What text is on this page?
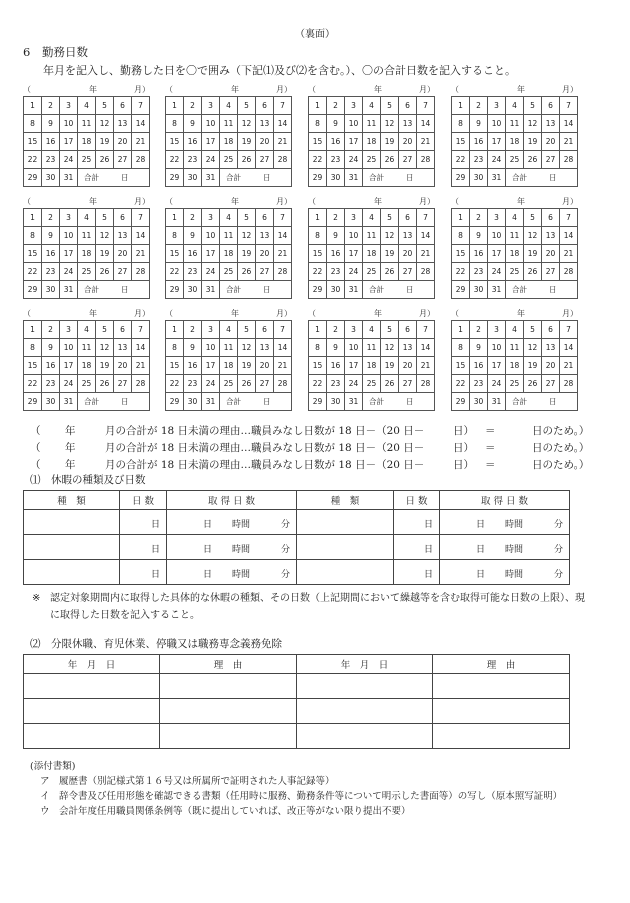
（裏面）
6 勤務日数
年月を記入し、勤務した日を〇で囲み（下記⑴及び⑵を含む。）、〇の合計日数を記入すること。
（	年	月）
1	2	3	4	5	6	7
8	9	10	11	12	13	14
15	16	17	18	19	20	21
22	23	24	25	26	27	28
29	30	31	合計 日			
（	年	月）
1	2	3	4	5	6	7
8	9	10	11	12	13	14
15	16	17	18	19	20	21
22	23	24	25	26	27	28
29	30	31	合計 日			
（	年	月）
1	2	3	4	5	6	7
8	9	10	11	12	13	14
15	16	17	18	19	20	21
22	23	24	25	26	27	28
29	30	31	合計 日			
（	年	月）
1	2	3	4	5	6	7
8	9	10	11	12	13	14
15	16	17	18	19	20	21
22	23	24	25	26	27	28
29	30	31	合計 日			
（	年	月）
1	2	3	4	5	6	7
8	9	10	11	12	13	14
15	16	17	18	19	20	21
22	23	24	25	26	27	28
29	30	31	合計 日			
（	年	月）
1	2	3	4	5	6	7
8	9	10	11	12	13	14
15	16	17	18	19	20	21
22	23	24	25	26	27	28
29	30	31	合計 日			
（	年	月）
1	2	3	4	5	6	7
8	9	10	11	12	13	14
15	16	17	18	19	20	21
22	23	24	25	26	27	28
29	30	31	合計 日			
（	年	月）
1	2	3	4	5	6	7
8	9	10	11	12	13	14
15	16	17	18	19	20	21
22	23	24	25	26	27	28
29	30	31	合計 日			
（	年	月）
1	2	3	4	5	6	7
8	9	10	11	12	13	14
15	16	17	18	19	20	21
22	23	24	25	26	27	28
29	30	31	合計 日			
（	年	月）
1	2	3	4	5	6	7
8	9	10	11	12	13	14
15	16	17	18	19	20	21
22	23	24	25	26	27	28
29	30	31	合計 日			
（	年	月）
1	2	3	4	5	6	7
8	9	10	11	12	13	14
15	16	17	18	19	20	21
22	23	24	25	26	27	28
29	30	31	合計 日			
（	年	月）
1	2	3	4	5	6	7
8	9	10	11	12	13	14
15	16	17	18	19	20	21
22	23	24	25	26	27	28
29	30	31	合計 日			
（ 年	月の合計が 18 日未満の理由…職員みなし日数が 18 日－（20 日－	日） ＝	日のため。）
（ 年	月の合計が 18 日未満の理由…職員みなし日数が 18 日－（20 日－	日） ＝	日のため。）
（ 年	月の合計が 18 日未満の理由…職員みなし日数が 18 日－（20 日－	日） ＝	日のため。）
⑴　休暇の種類及び日数
種　類	日 数	取 得 日 数	種　類	日 数	取 得 日 数

	日	日 時間 分		日	日 時間 分

	日	日 時間 分		日	日 時間 分

	日	日 時間 分		日	日 時間 分
※ 認定対象期間内に取得した具体的な休暇の種類、その日数（上記期間において繰越等を含む取得可能な日数の上限）、現に取得した日数を記入すること。
⑵　分限休職、育児休業、停職又は職務専念義務免除
年　月　日	理　由	年　月　日	理　由

(添付書類)
ア　履歴書（別記様式第１６号又は所属所で証明された人事記録等）
イ　辞令書及び任用形態を確認できる書類（任用時に服務、勤務条件等について明示した書面等）の写し（原本照写証明）
ウ　会計年度任用職員関係条例等（既に提出していれば、改正等がない限り提出不要）
